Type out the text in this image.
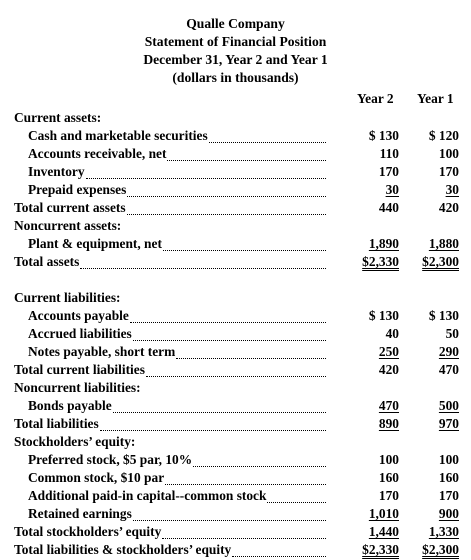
Qualle Company
Statement of Financial Position
December 31, Year 2 and Year 1
(dollars in thousands)
Year 2 Year 1
Current assets:
Cash and marketable securities	$ 130	$ 120
Accounts receivable, net	110	100
Inventory	170	170
Prepaid expenses	30	30
Total current assets	440	420
Noncurrent assets:
Plant & equipment, net	1,890	1,880
Total assets	$2,330	$2,300
Current liabilities:
Accounts payable	$ 130	$ 130
Accrued liabilities	40	50
Notes payable, short term	250	290
Total current liabilities	420	470
Noncurrent liabilities:
Bonds payable	470	500
Total liabilities	890	970
Stockholders’ equity:
Preferred stock, $5 par, 10%	100	100
Common stock, $10 par	160	160
Additional paid-in capital--common stock	170	170
Retained earnings	1,010	900
Total stockholders’ equity	1,440	1,330
Total liabilities & stockholders’ equity	$2,330	$2,300
